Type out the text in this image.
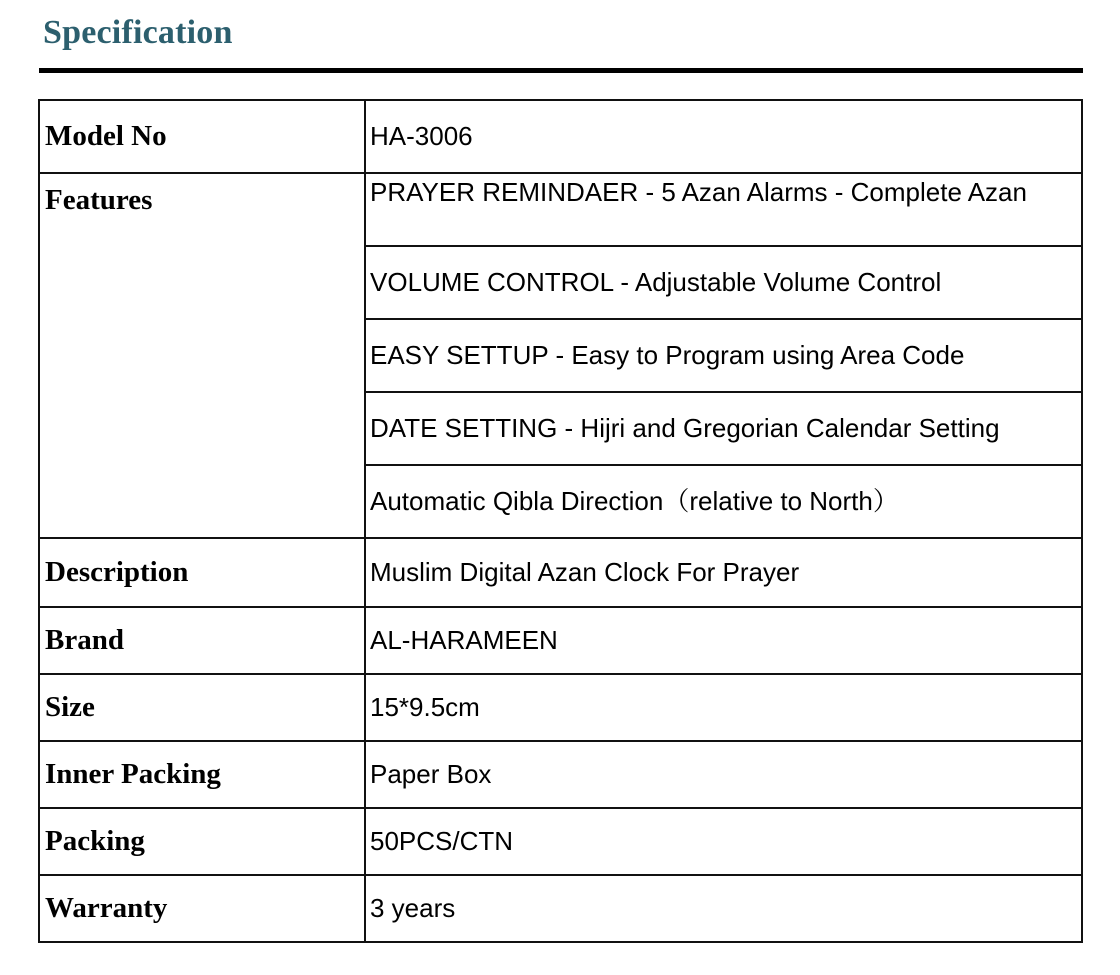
Specification
Model No	HA-3006
Features	PRAYER REMINDAER - 5 Azan Alarms - Complete Azan
	VOLUME CONTROL - Adjustable Volume Control
	EASY SETTUP - Easy to Program using Area Code
	DATE SETTING - Hijri and Gregorian Calendar Setting
	Automatic Qibla Direction（relative to North）
Description	Muslim Digital Azan Clock For Prayer
Brand	AL-HARAMEEN
Size	15*9.5cm
Inner Packing	Paper Box
Packing	50PCS/CTN
Warranty	3 years
